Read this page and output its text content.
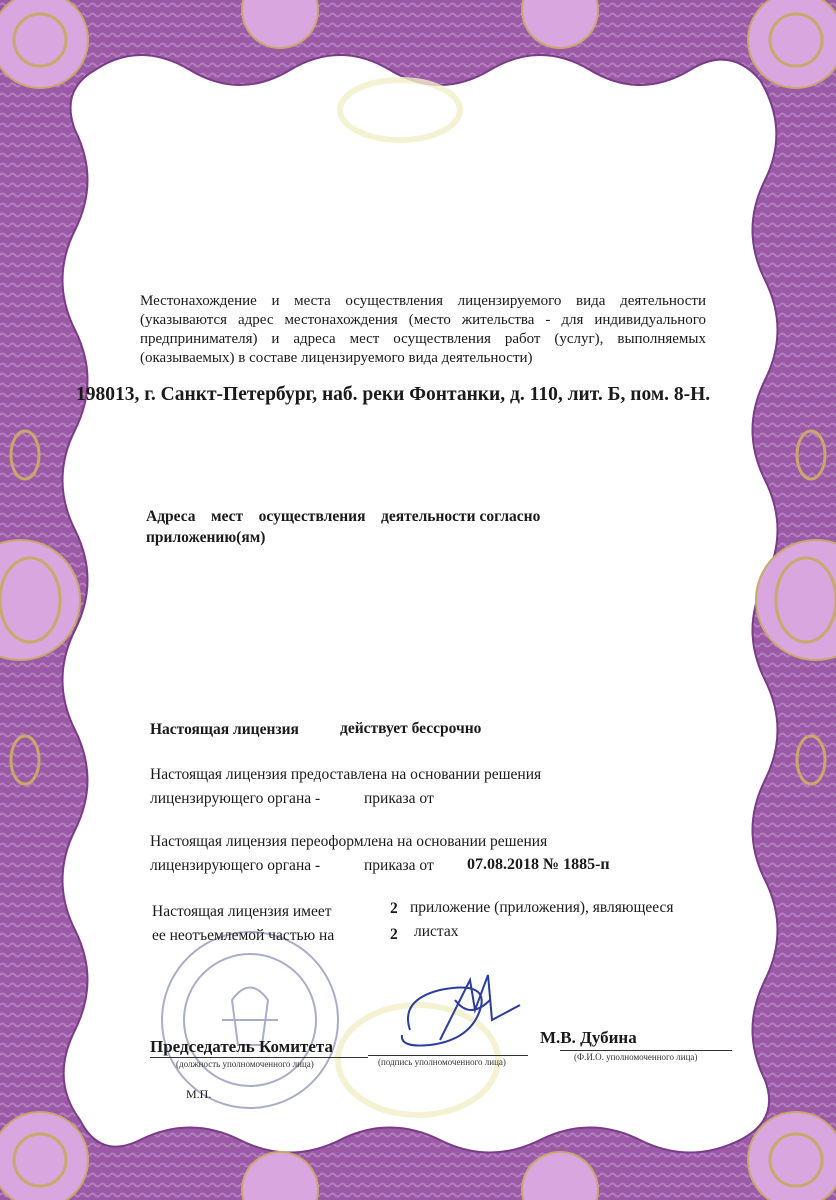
Местонахождение и места осуществления лицензируемого вида деятельности (указываются адрес местонахождения (место жительства - для индивидуального предпринимателя) и адреса мест осуществления работ (услуг), выполняемых (оказываемых) в составе лицензируемого вида деятельности)
198013, г. Санкт-Петербург, наб. реки Фонтанки, д. 110, лит. Б, пом. 8-Н.
Адреса    мест    осуществления    деятельности согласно
приложению(ям)
Настоящая лицензия	действует бессрочно
Настоящая лицензия предоставлена на основании решения
лицензирующего органа -	приказа от
Настоящая лицензия переоформлена на основании решения
лицензирующего органа -	приказа от 07.08.2018 № 1885-п
Настоящая лицензия имеет	2 приложение (приложения), являющееся
ее неотъемлемой частью на	2 листах
Председатель Комитета
(должность уполномоченного лица)	(подпись уполномоченного лица)
М.В. Дубина
(Ф.И.О. уполномоченного лица)
М.П.
